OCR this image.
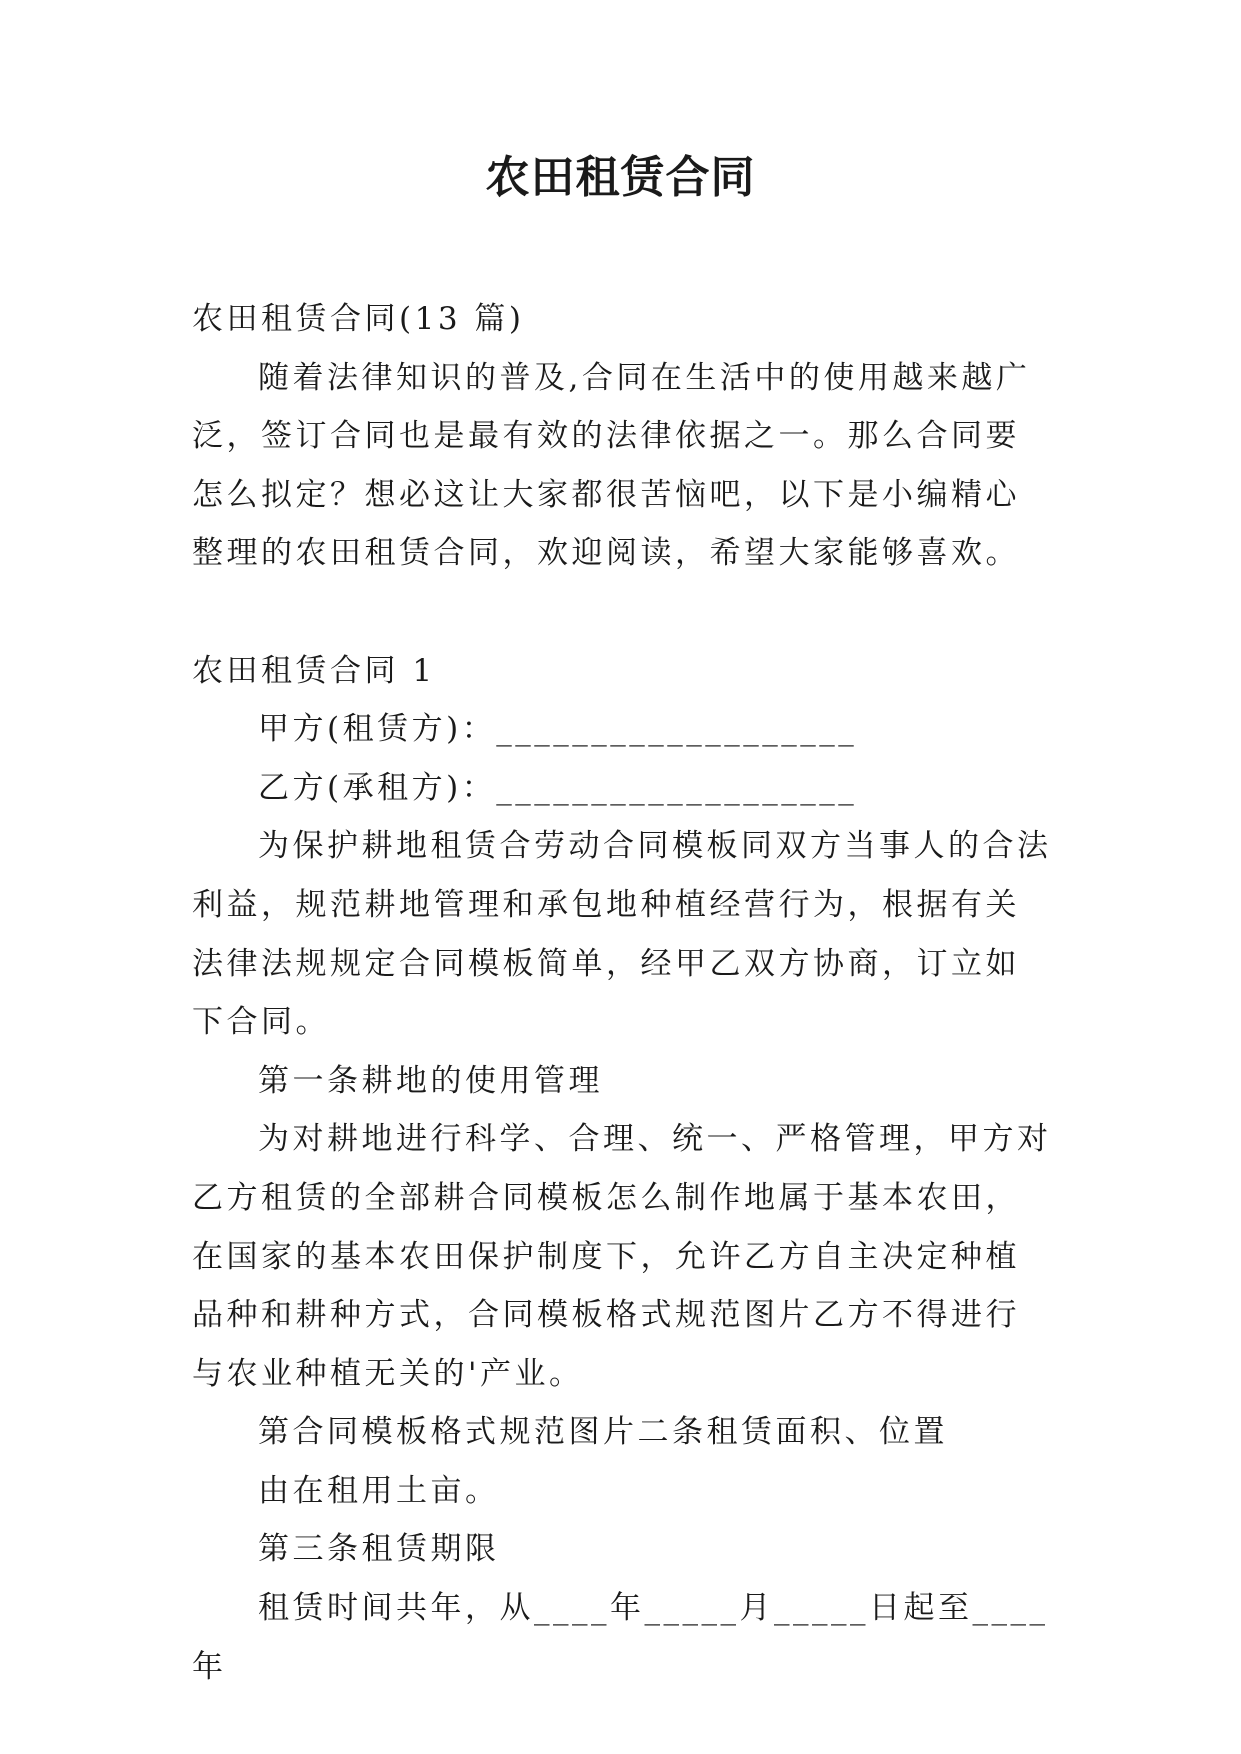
农田租赁合同

农田租赁合同(13 篇)

随着法律知识的普及,合同在生活中的使用越来越广泛，签订合同也是最有效的法律依据之一。那么合同要怎么拟定？想必这让大家都很苦恼吧，以下是小编精心整理的农田租赁合同，欢迎阅读，希望大家能够喜欢。

农田租赁合同 1

甲方(租赁方)：___________________

乙方(承租方)：___________________

为保护耕地租赁合劳动合同模板同双方当事人的合法利益，规范耕地管理和承包地种植经营行为，根据有关法律法规规定合同模板简单，经甲乙双方协商，订立如下合同。

第一条耕地的使用管理

为对耕地进行科学、合理、统一、严格管理，甲方对乙方租赁的全部耕合同模板怎么制作地属于基本农田，在国家的基本农田保护制度下，允许乙方自主决定种植品种和耕种方式，合同模板格式规范图片乙方不得进行与农业种植无关的'产业。

第合同模板格式规范图片二条租赁面积、位置

由在租用土亩。

第三条租赁期限

租赁时间共年，从____年_____月_____日起至____年
